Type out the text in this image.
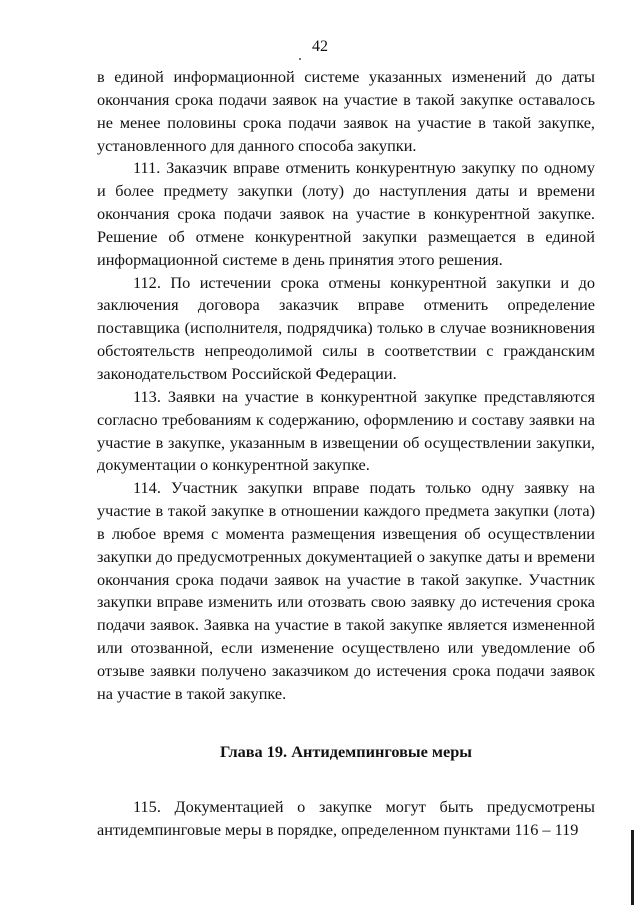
42

в единой информационной системе указанных изменений до даты окончания срока подачи заявок на участие в такой закупке оставалось не менее половины срока подачи заявок на участие в такой закупке, установленного для данного способа закупки.

111. Заказчик вправе отменить конкурентную закупку по одному и более предмету закупки (лоту) до наступления даты и времени окончания срока подачи заявок на участие в конкурентной закупке. Решение об отмене конкурентной закупки размещается в единой информационной системе в день принятия этого решения.

112. По истечении срока отмены конкурентной закупки и до заключения договора заказчик вправе отменить определение поставщика (исполнителя, подрядчика) только в случае возникновения обстоятельств непреодолимой силы в соответствии с гражданским законодательством Российской Федерации.

113. Заявки на участие в конкурентной закупке представляются согласно требованиям к содержанию, оформлению и составу заявки на участие в закупке, указанным в извещении об осуществлении закупки, документации о конкурентной закупке.

114. Участник закупки вправе подать только одну заявку на участие в такой закупке в отношении каждого предмета закупки (лота) в любое время с момента размещения извещения об осуществлении закупки до предусмотренных документацией о закупке даты и времени окончания срока подачи заявок на участие в такой закупке. Участник закупки вправе изменить или отозвать свою заявку до истечения срока подачи заявок. Заявка на участие в такой закупке является измененной или отозванной, если изменение осуществлено или уведомление об отзыве заявки получено заказчиком до истечения срока подачи заявок на участие в такой закупке.

Глава 19. Антидемпинговые меры

115. Документацией о закупке могут быть предусмотрены антидемпинговые меры в порядке, определенном пунктами 116 – 119
